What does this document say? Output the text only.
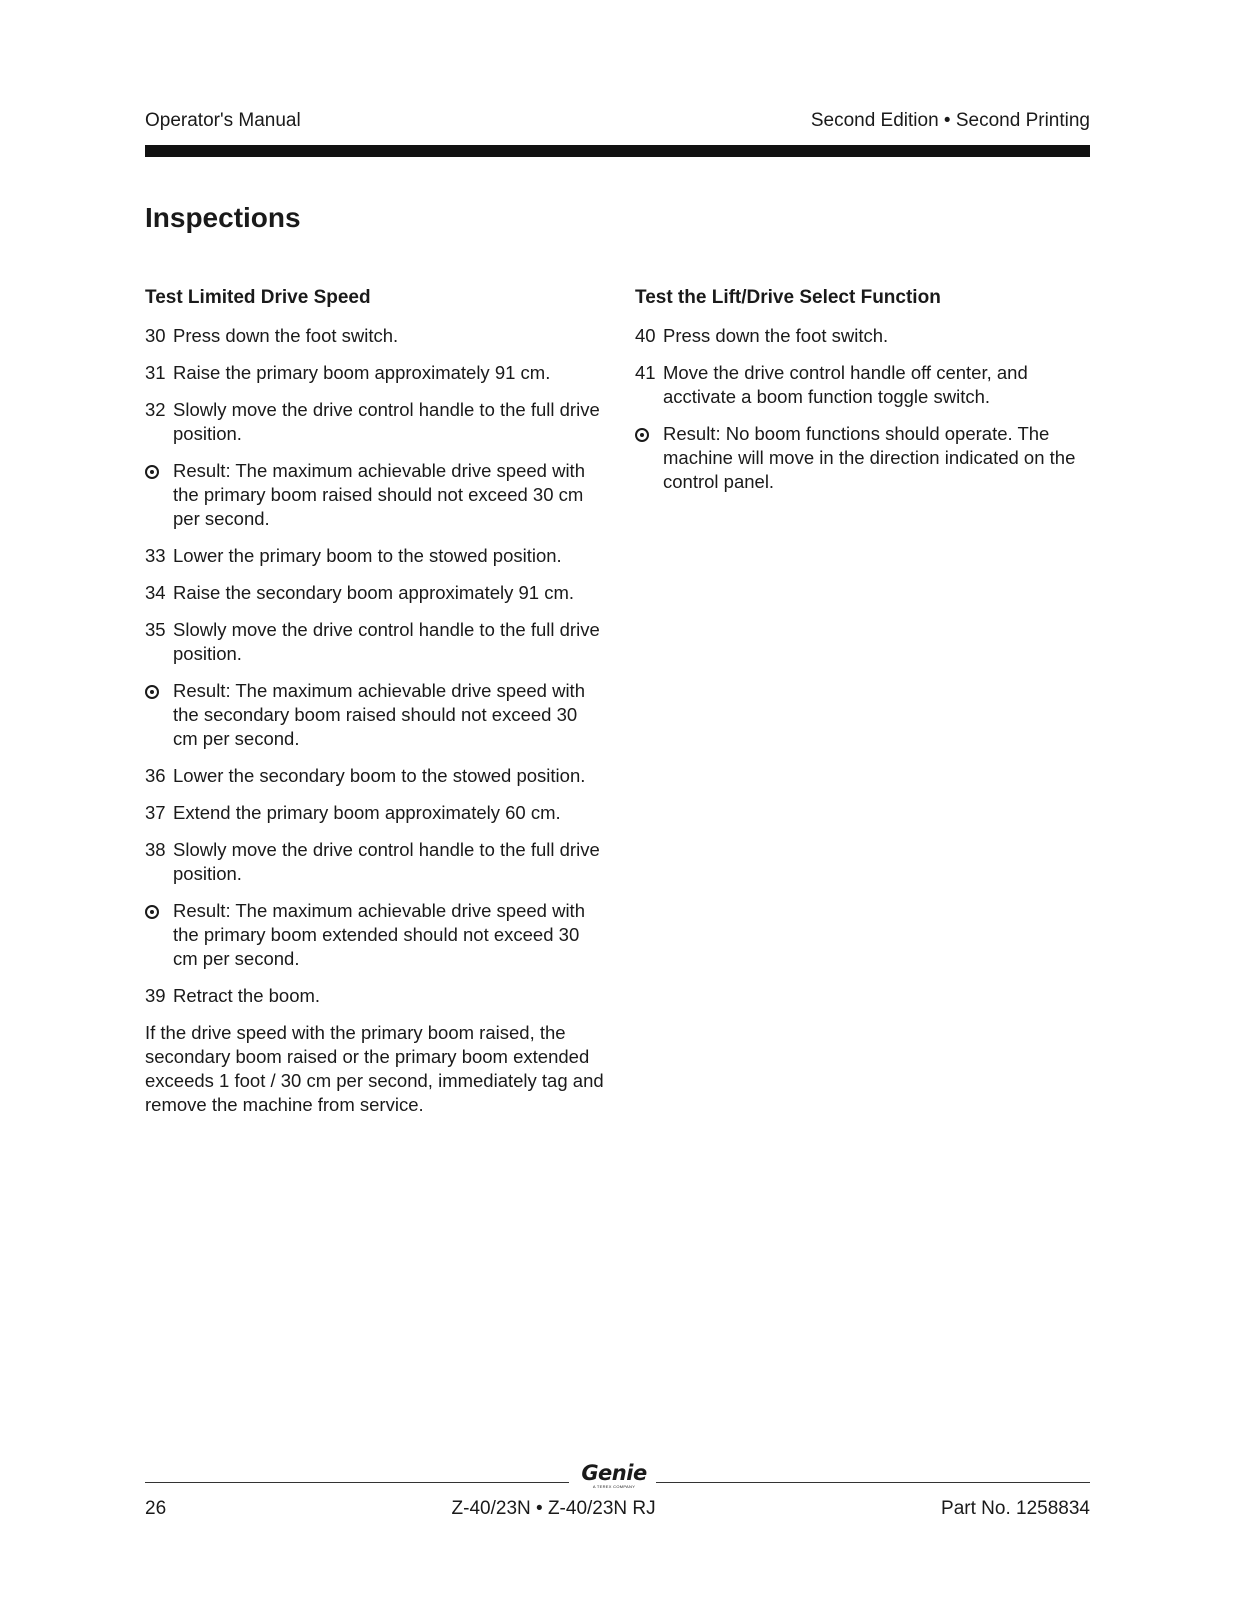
Operator's Manual	Second Edition • Second Printing
Inspections
Test Limited Drive Speed
30 Press down the foot switch.
31 Raise the primary boom approximately 91 cm.
32 Slowly move the drive control handle to the full drive position.
Result: The maximum achievable drive speed with the primary boom raised should not exceed 30 cm per second.
33 Lower the primary boom to the stowed position.
34 Raise the secondary boom approximately 91 cm.
35 Slowly move the drive control handle to the full drive position.
Result: The maximum achievable drive speed with the secondary boom raised should not exceed 30 cm per second.
36 Lower the secondary boom to the stowed position.
37 Extend the primary boom approximately 60 cm.
38 Slowly move the drive control handle to the full drive position.
Result: The maximum achievable drive speed with the primary boom extended should not exceed 30 cm per second.
39 Retract the boom.

If the drive speed with the primary boom raised, the secondary boom raised or the primary boom extended exceeds 1 foot / 30 cm per second, immediately tag and remove the machine from service.

Test the Lift/Drive Select Function
40 Press down the foot switch.
41 Move the drive control handle off center, and acctivate a boom function toggle switch.
Result: No boom functions should operate. The machine will move in the direction indicated on the control panel.
Genie
A TEREX COMPANY
26	Z-40/23N • Z-40/23N RJ	Part No. 1258834
